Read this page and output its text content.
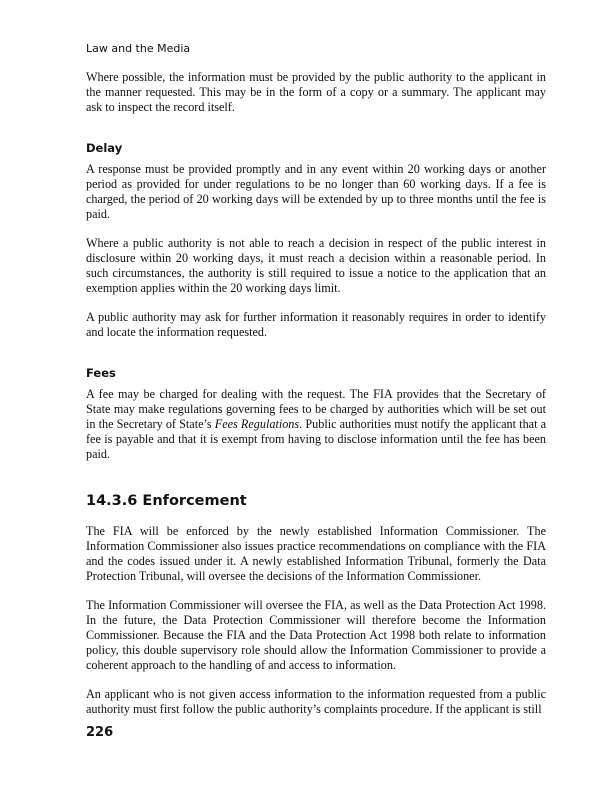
Law and the Media

Where possible, the information must be provided by the public authority to the applicant in the manner requested. This may be in the form of a copy or a summary. The applicant may ask to inspect the record itself.

Delay

A response must be provided promptly and in any event within 20 working days or another period as provided for under regulations to be no longer than 60 working days. If a fee is charged, the period of 20 working days will be extended by up to three months until the fee is paid.

Where a public authority is not able to reach a decision in respect of the public interest in disclosure within 20 working days, it must reach a decision within a reasonable period. In such circumstances, the authority is still required to issue a notice to the application that an exemption applies within the 20 working days limit.

A public authority may ask for further information it reasonably requires in order to identify and locate the information requested.

Fees

A fee may be charged for dealing with the request. The FIA provides that the Secretary of State may make regulations governing fees to be charged by authorities which will be set out in the Secretary of State’s Fees Regulations. Public authorities must notify the applicant that a fee is payable and that it is exempt from having to disclose information until the fee has been paid.

14.3.6 Enforcement

The FIA will be enforced by the newly established Information Commissioner. The Information Commissioner also issues practice recommendations on compliance with the FIA and the codes issued under it. A newly established Information Tribunal, formerly the Data Protection Tribunal, will oversee the decisions of the Information Commissioner.

The Information Commissioner will oversee the FIA, as well as the Data Protection Act 1998. In the future, the Data Protection Commissioner will therefore become the Information Commissioner. Because the FIA and the Data Protection Act 1998 both relate to information policy, this double supervisory role should allow the Information Commissioner to provide a coherent approach to the handling of and access to information.

An applicant who is not given access information to the information requested from a public authority must first follow the public authority’s complaints procedure. If the applicant is still

226
